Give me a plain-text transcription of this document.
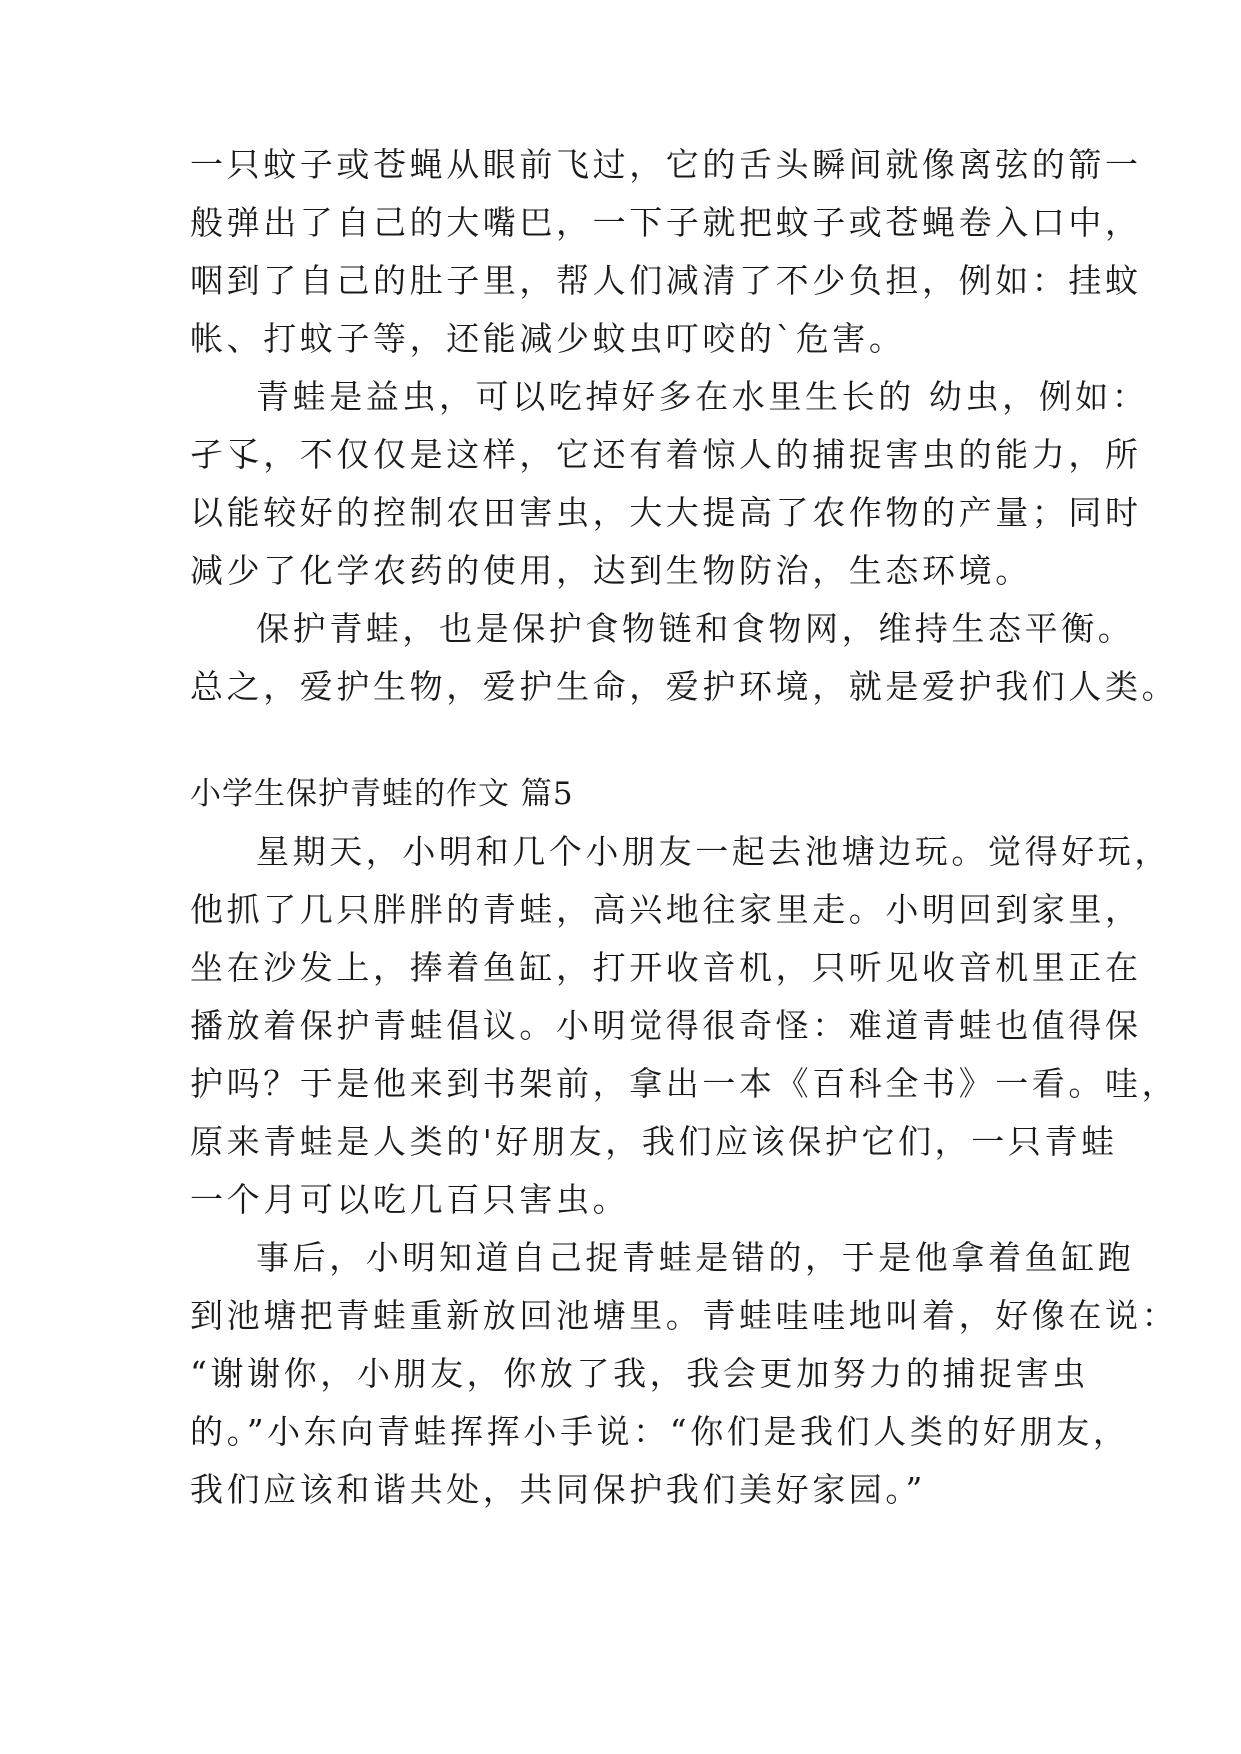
一只蚊子或苍蝇从眼前飞过，它的舌头瞬间就像离弦的箭一
般弹出了自己的大嘴巴，一下子就把蚊子或苍蝇卷入口中，
咽到了自己的肚子里，帮人们减清了不少负担，例如：挂蚊
帐、打蚊子等，还能减少蚊虫叮咬的`危害。
青蛙是益虫，可以吃掉好多在水里生长的 幼虫，例如：
孑孓，不仅仅是这样，它还有着惊人的捕捉害虫的能力，所
以能较好的控制农田害虫，大大提高了农作物的产量；同时
减少了化学农药的使用，达到生物防治，生态环境。
保护青蛙，也是保护食物链和食物网，维持生态平衡。
总之，爱护生物，爱护生命，爱护环境，就是爱护我们人类。
小学生保护青蛙的作文 篇5
星期天，小明和几个小朋友一起去池塘边玩。觉得好玩，
他抓了几只胖胖的青蛙，高兴地往家里走。小明回到家里，
坐在沙发上，捧着鱼缸，打开收音机，只听见收音机里正在
播放着保护青蛙倡议。小明觉得很奇怪：难道青蛙也值得保
护吗？于是他来到书架前，拿出一本《百科全书》一看。哇，
原来青蛙是人类的'好朋友，我们应该保护它们，一只青蛙
一个月可以吃几百只害虫。
事后，小明知道自己捉青蛙是错的，于是他拿着鱼缸跑
到池塘把青蛙重新放回池塘里。青蛙哇哇地叫着，好像在说：
“谢谢你，小朋友，你放了我，我会更加努力的捕捉害虫
的。”小东向青蛙挥挥小手说：“你们是我们人类的好朋友，
我们应该和谐共处，共同保护我们美好家园。”
